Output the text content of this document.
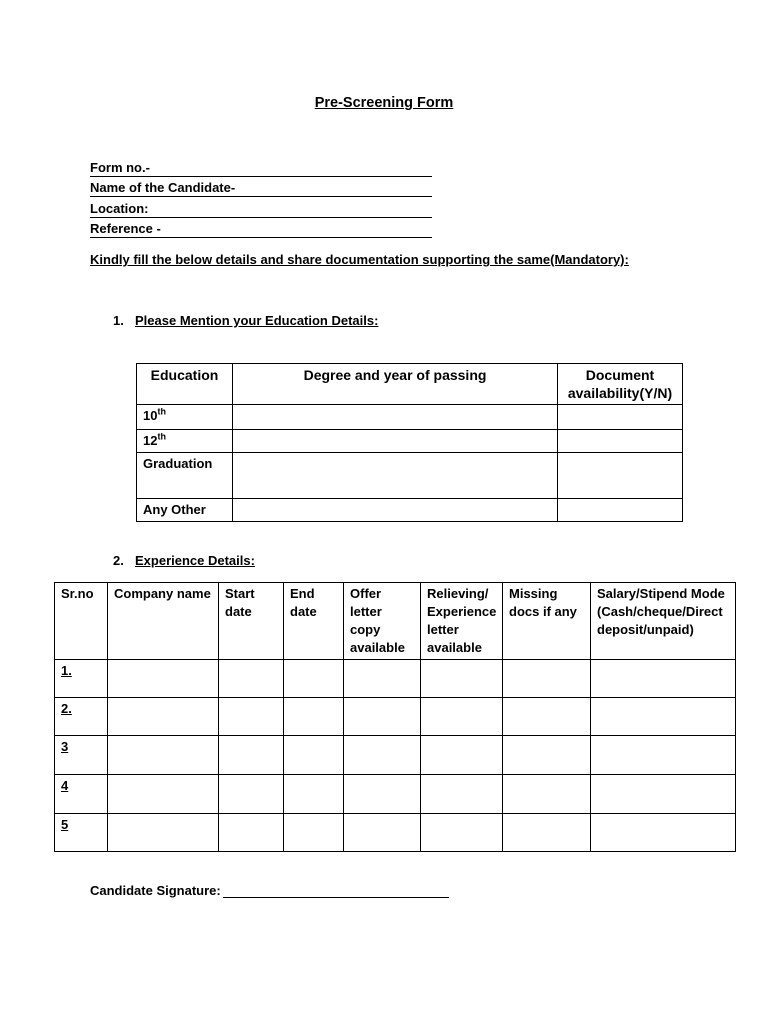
Pre-Screening Form
Form no.-
Name of the Candidate-
Location:
Reference -
Kindly fill the below details and share documentation supporting the same(Mandatory):
1. Please Mention your Education Details:
Education	Degree and year of passing	Document availability(Y/N)
10th		
12th		
Graduation		
Any Other		
2. Experience Details:
Sr.no	Company name	Start date	End date	Offer letter copy available	Relieving/ Experience letter available	Missing docs if any	Salary/Stipend Mode (Cash/cheque/Direct deposit/unpaid)
1.							
2.							
3							
4							
5							
Candidate Signature:
